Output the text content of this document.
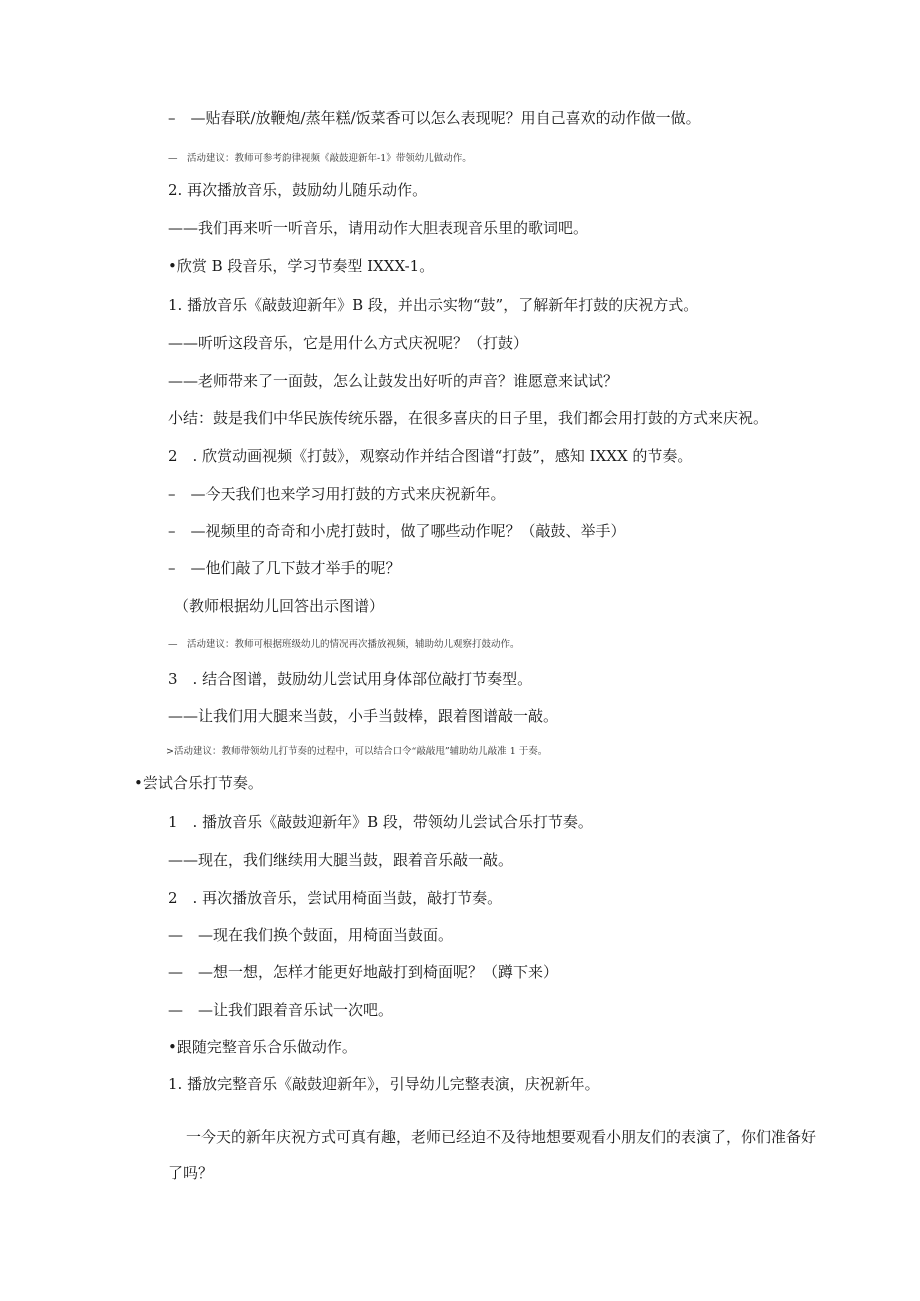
–　—贴春联/放鞭炮/蒸年糕/饭菜香可以怎么表现呢？用自己喜欢的动作做一做。
—　活动建议：教师可参考韵律视频《敲鼓迎新年-1》带领幼儿做动作。
2. 再次播放音乐，鼓励幼儿随乐动作。
——我们再来听一听音乐，请用动作大胆表现音乐里的歌词吧。
•欣赏 B 段音乐，学习节奏型 IXXX-1。
1. 播放音乐《敲鼓迎新年》B 段，并出示实物“鼓”，了解新年打鼓的庆祝方式。
——听听这段音乐，它是用什么方式庆祝呢？（打鼓）
——老师带来了一面鼓，怎么让鼓发出好听的声音？谁愿意来试试？
小结：鼓是我们中华民族传统乐器，在很多喜庆的日子里，我们都会用打鼓的方式来庆祝。
2　. 欣赏动画视频《打鼓》，观察动作并结合图谱“打鼓”，感知 IXXX 的节奏。
–　—今天我们也来学习用打鼓的方式来庆祝新年。
–　—视频里的奇奇和小虎打鼓时，做了哪些动作呢？（敲鼓、举手）
–　—他们敲了几下鼓才举手的呢？
（教师根据幼儿回答出示图谱）
—　活动建议：教师可根据班级幼儿的情况再次播放视频，辅助幼儿观察打鼓动作。
3　. 结合图谱，鼓励幼儿尝试用身体部位敲打节奏型。
——让我们用大腿来当鼓，小手当鼓棒，跟着图谱敲一敲。
>活动建议：教师带领幼儿打节奏的过程中，可以结合口令“敲敲甩”辅助幼儿敲准 1 于奏。
•尝试合乐打节奏。
1　. 播放音乐《敲鼓迎新年》B 段，带领幼儿尝试合乐打节奏。
——现在，我们继续用大腿当鼓，跟着音乐敲一敲。
2　. 再次播放音乐，尝试用椅面当鼓，敲打节奏。
—　—现在我们换个鼓面，用椅面当鼓面。
—　—想一想，怎样才能更好地敲打到椅面呢？（蹲下来）
—　—让我们跟着音乐试一次吧。
•跟随完整音乐合乐做动作。
1. 播放完整音乐《敲鼓迎新年》，引导幼儿完整表演，庆祝新年。
一今天的新年庆祝方式可真有趣，老师已经迫不及待地想要观看小朋友们的表演了，你们准备好了吗？
